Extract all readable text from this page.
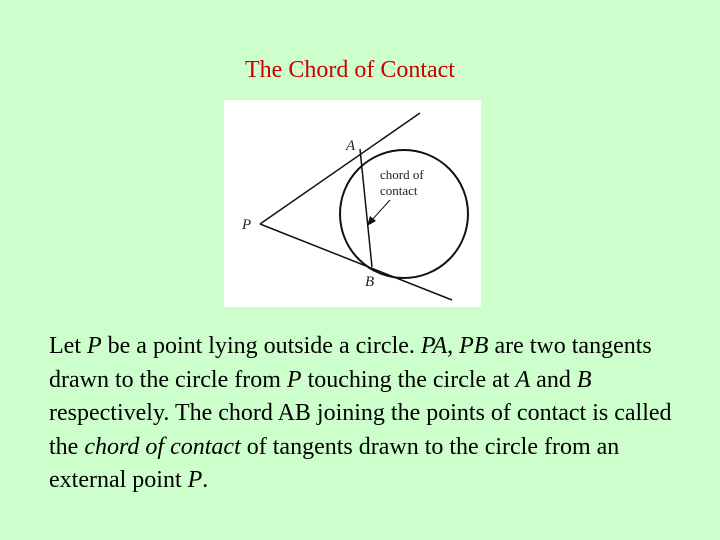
The Chord of Contact
P
A
B
chord of
contact

Let P be a point lying outside a circle. PA, PB are two tangents drawn to the circle from P touching the circle at A and B respectively. The chord AB joining the points of contact is called the chord of contact of tangents drawn to the circle from an external point P.
